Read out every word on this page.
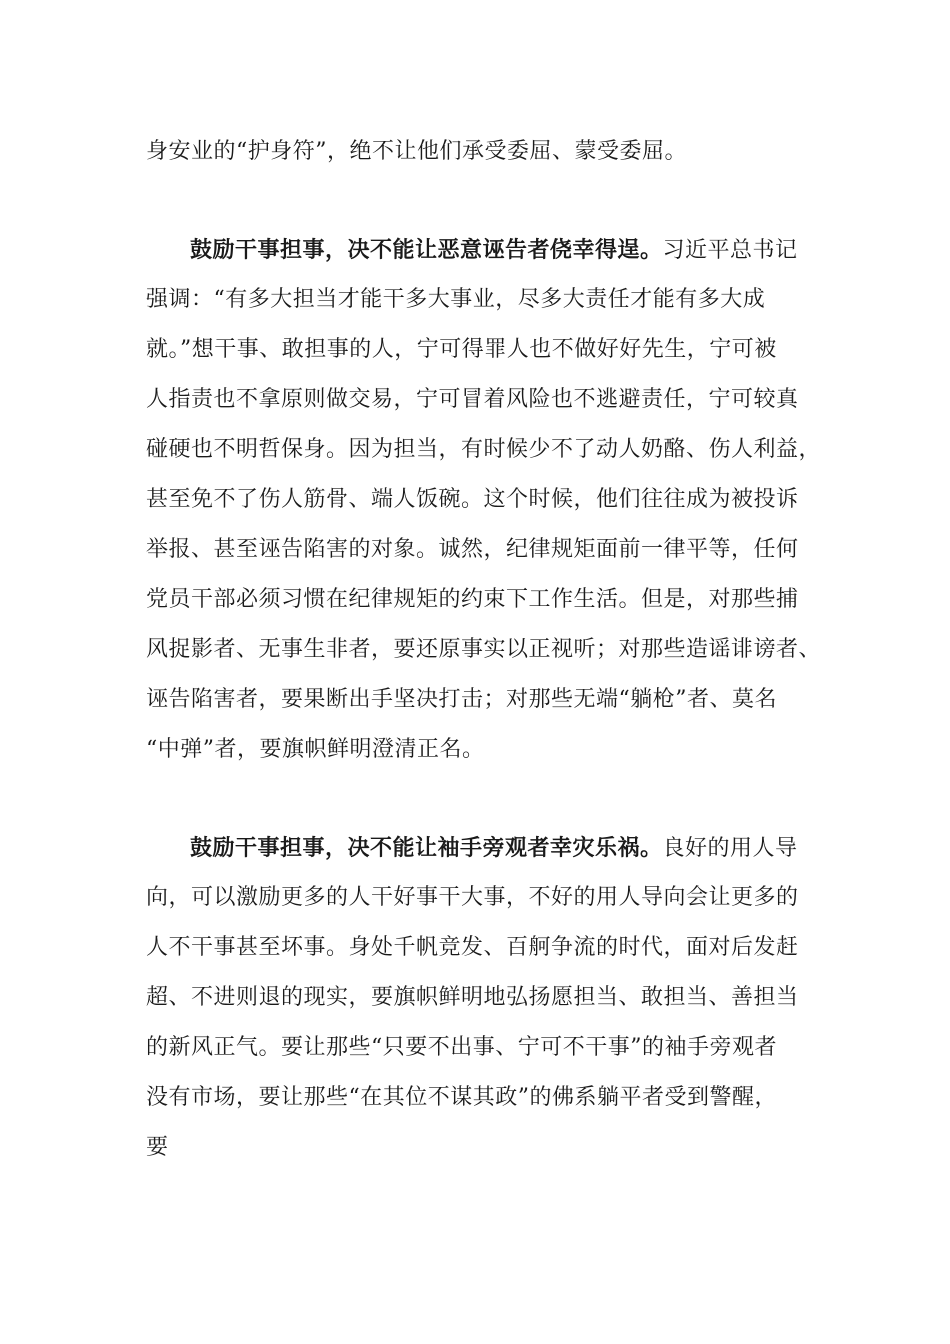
身安业的“护身符”，绝不让他们承受委屈、蒙受委屈。
鼓励干事担事，决不能让恶意诬告者侥幸得逞。习近平总书记
强调：“有多大担当才能干多大事业，尽多大责任才能有多大成
就。”想干事、敢担事的人，宁可得罪人也不做好好先生，宁可被
人指责也不拿原则做交易，宁可冒着风险也不逃避责任，宁可较真
碰硬也不明哲保身。因为担当，有时候少不了动人奶酪、伤人利益，
甚至免不了伤人筋骨、端人饭碗。这个时候，他们往往成为被投诉
举报、甚至诬告陷害的对象。诚然，纪律规矩面前一律平等，任何
党员干部必须习惯在纪律规矩的约束下工作生活。但是，对那些捕
风捉影者、无事生非者，要还原事实以正视听；对那些造谣诽谤者、
诬告陷害者，要果断出手坚决打击；对那些无端“躺枪”者、莫名
“中弹”者，要旗帜鲜明澄清正名。
鼓励干事担事，决不能让袖手旁观者幸灾乐祸。良好的用人导
向，可以激励更多的人干好事干大事，不好的用人导向会让更多的
人不干事甚至坏事。身处千帆竞发、百舸争流的时代，面对后发赶
超、不进则退的现实，要旗帜鲜明地弘扬愿担当、敢担当、善担当
的新风正气。要让那些“只要不出事、宁可不干事”的袖手旁观者
没有市场，要让那些“在其位不谋其政”的佛系躺平者受到警醒，
要
